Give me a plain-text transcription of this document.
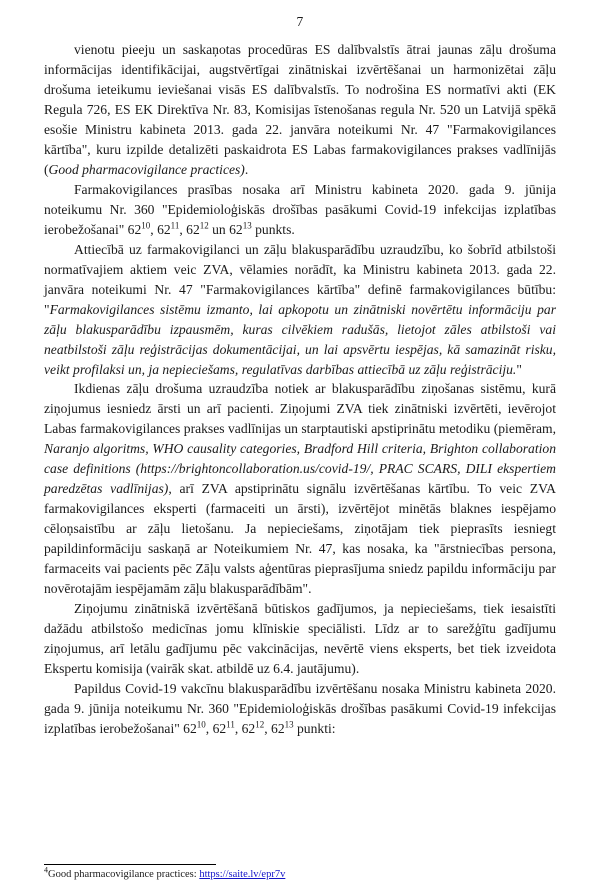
7

vienotu pieeju un saskaņotas procedūras ES dalībvalstīs ātrai jaunas zāļu drošuma informācijas identifikācijai, augstvērtīgai zinātniskai izvērtēšanai un harmonizētai zāļu drošuma ieteikumu ieviešanai visās ES dalībvalstīs. To nodrošina ES normatīvi akti (EK Regula 726, ES EK Direktīva Nr. 83, Komisijas īstenošanas regula Nr. 520 un Latvijā spēkā esošie Ministru kabineta 2013. gada 22. janvāra noteikumi Nr. 47 "Farmakovigilances kārtība", kuru izpilde detalizēti paskaidrota ES Labas farmakovigilances prakses vadlīnijās (Good pharmacovigilance practices).

Farmakovigilances prasības nosaka arī Ministru kabineta 2020. gada 9. jūnija noteikumu Nr. 360 "Epidemioloģiskās drošības pasākumi Covid-19 infekcijas izplatības ierobežošanai" $62^{10}$, $62^{11}$, $62^{12}$ un $62^{13}$ punkts.

Attiecībā uz farmakovigilanci un zāļu blakusparādību uzraudzību, ko šobrīd atbilstoši normatīvajiem aktiem veic ZVA, vēlamies norādīt, ka Ministru kabineta 2013. gada 22. janvāra noteikumi Nr. 47 "Farmakovigilances kārtība" definē farmakovigilances būtību: "Farmakovigilances sistēmu izmanto, lai apkopotu un zinātniski novērtētu informāciju par zāļu blakusparādību izpausmēm, kuras cilvēkiem radušās, lietojot zāles atbilstoši vai neatbilstoši zāļu reģistrācijas dokumentācijai, un lai apsvērtu iespējas, kā samazināt risku, veikt profilaksi un, ja nepieciešams, regulatīvas darbības attiecībā uz zāļu reģistrāciju."

Ikdienas zāļu drošuma uzraudzība notiek ar blakusparādību ziņošanas sistēmu, kurā ziņojumus iesniedz ārsti un arī pacienti. Ziņojumi ZVA tiek zinātniski izvērtēti, ievērojot Labas farmakovigilances prakses vadlīnijas un starptautiski apstiprinātu metodiku (piemēram, Naranjo algoritms, WHO causality categories, Bradford Hill criteria, Brighton collaboration case definitions (https://brightoncollaboration.us/covid-19/, PRAC SCARS, DILI ekspertiem paredzētas vadlīnijas), arī ZVA apstiprinātu signālu izvērtēšanas kārtību. To veic ZVA farmakovigilances eksperti (farmaceiti un ārsti), izvērtējot minētās blaknes iespējamo cēloņsaistību ar zāļu lietošanu. Ja nepieciešams, ziņotājam tiek pieprasīts iesniegt papildinformāciju saskaņā ar Noteikumiem Nr. 47, kas nosaka, ka "ārstniecības persona, farmaceits vai pacients pēc Zāļu valsts aģentūras pieprasījuma sniedz papildu informāciju par novērotajām iespējamām zāļu blakusparādībām".

Ziņojumu zinātniskā izvērtēšanā būtiskos gadījumos, ja nepieciešams, tiek iesaistīti dažādu atbilstošo medicīnas jomu klīniskie speciālisti. Līdz ar to sarežģītu gadījumu ziņojumus, arī letālu gadījumu pēc vakcinācijas, nevērtē viens eksperts, bet tiek izveidota Ekspertu komisija (vairāk skat. atbildē uz 6.4. jautājumu).

Papildus Covid-19 vakcīnu blakusparādību izvērtēšanu nosaka Ministru kabineta 2020. gada 9. jūnija noteikumu Nr. 360 "Epidemioloģiskās drošības pasākumi Covid-19 infekcijas izplatības ierobežošanai" $62^{10}$, $62^{11}$, $62^{12}$, $62^{13}$ punkti:

$^4$Good pharmacovigilance practices: https://saite.lv/epr7v
